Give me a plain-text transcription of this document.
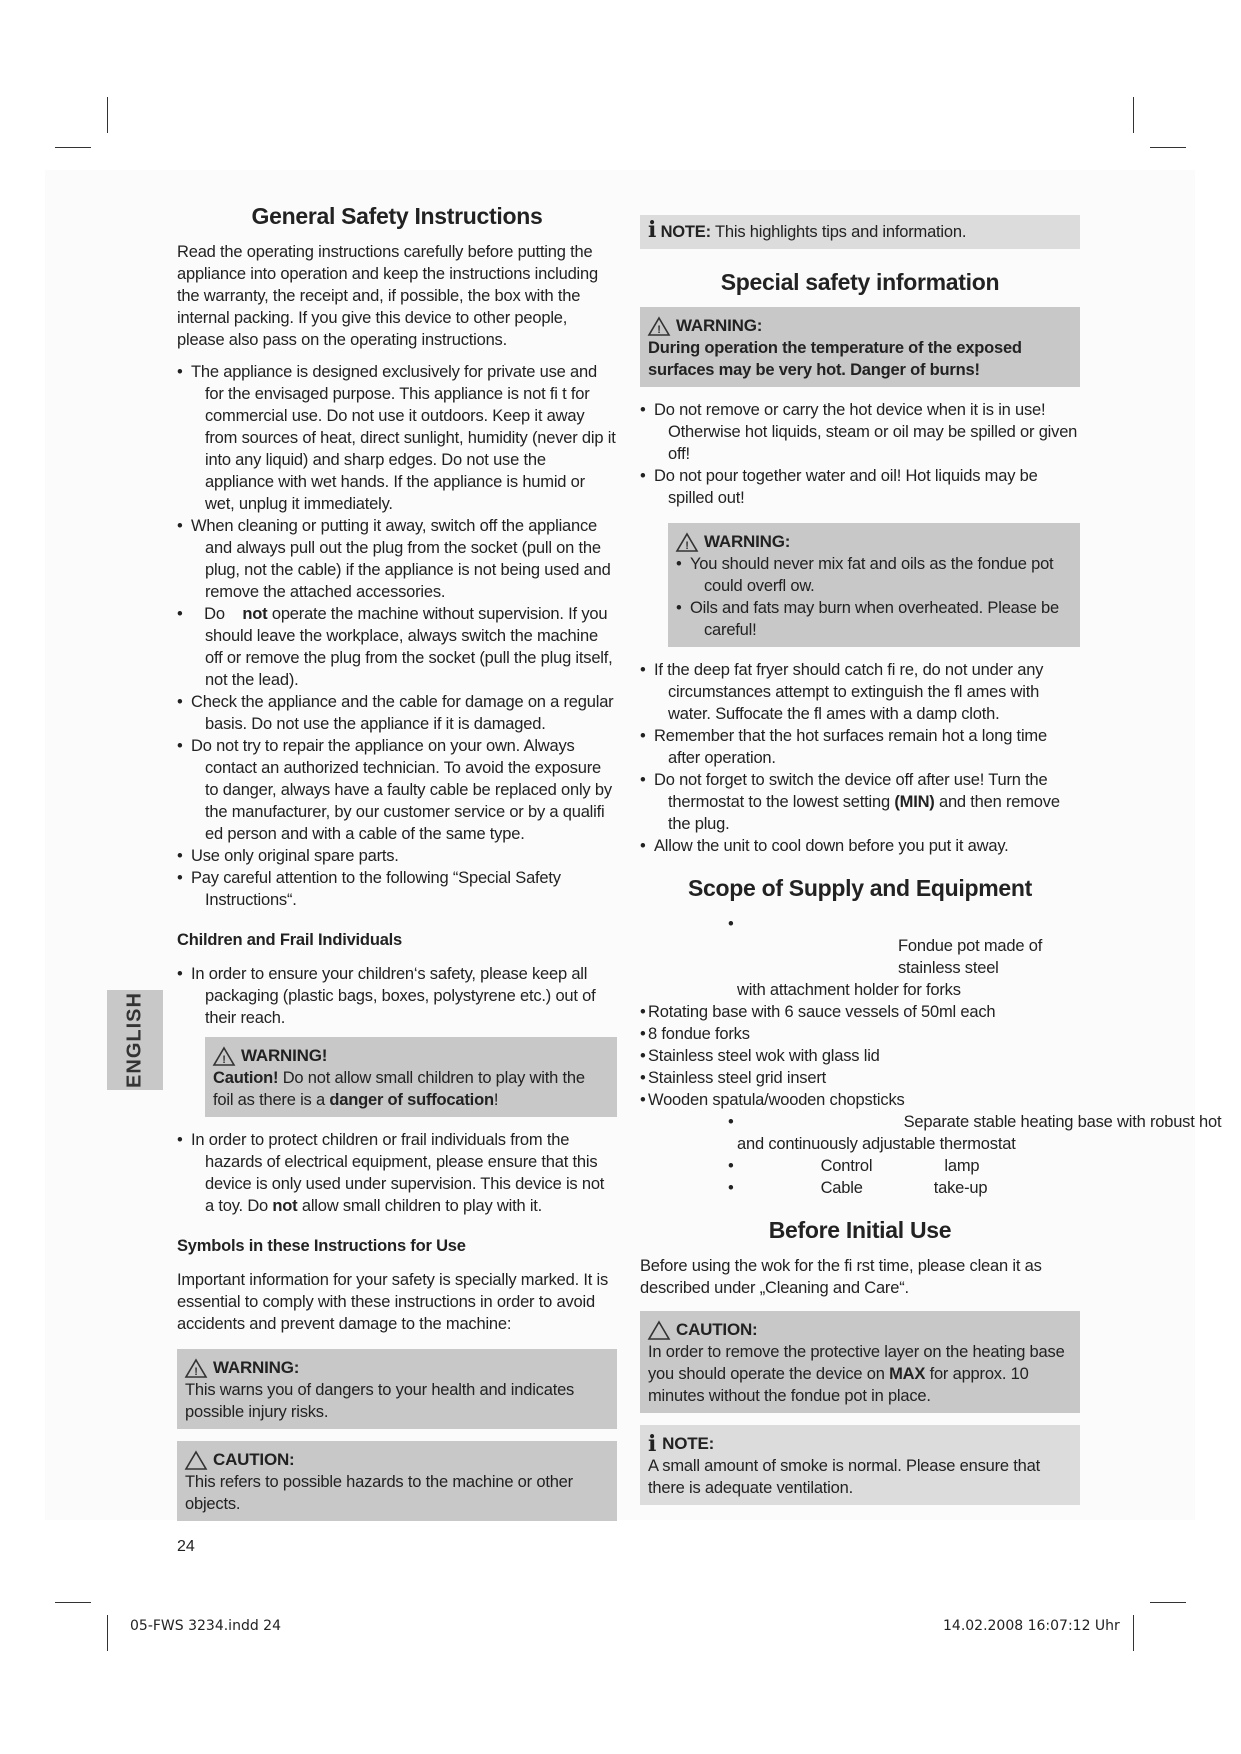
General Safety Instructions

Read the operating instructions carefully before putting the appliance into operation and keep the instructions including the warranty, the receipt and, if possible, the box with the internal packing. If you give this device to other people, please also pass on the operating instructions.

• The appliance is designed exclusively for private use and for the envisaged purpose. This appliance is not fi t for commercial use. Do not use it outdoors. Keep it away from sources of heat, direct sunlight, humidity (never dip it into any liquid) and sharp edges. Do not use the appliance with wet hands. If the appliance is humid or wet, unplug it immediately.
• When cleaning or putting it away, switch off the appliance and always pull out the plug from the socket (pull on the plug, not the cable) if the appliance is not being used and remove the attached accessories.
• Do not operate the machine without supervision. If you should leave the workplace, always switch the machine off or remove the plug from the socket (pull the plug itself, not the lead).
• Check the appliance and the cable for damage on a regular basis. Do not use the appliance if it is damaged.
• Do not try to repair the appliance on your own. Always contact an authorized technician. To avoid the exposure to danger, always have a faulty cable be replaced only by the manufacturer, by our customer service or by a qualifi ed person and with a cable of the same type.
• Use only original spare parts.
• Pay careful attention to the following “Special Safety Instructions“.
Children and Frail Individuals
• In order to ensure your children‘s safety, please keep all packaging (plastic bags, boxes, polystyrene etc.) out of their reach.
! WARNING!
Caution! Do not allow small children to play with the foil as there is a danger of suffocation!
• In order to protect children or frail individuals from the hazards of electrical equipment, please ensure that this device is only used under supervision. This device is not a toy. Do not allow small children to play with it.
Symbols in these Instructions for Use

Important information for your safety is specially marked. It is essential to comply with these instructions in order to avoid accidents and prevent damage to the machine:

! WARNING:
This warns you of dangers to your health and indicates possible injury risks.
CAUTION:
This refers to possible hazards to the machine or other objects.
i NOTE: This highlights tips and information.
Special safety information
! WARNING:
During operation the temperature of the exposed surfaces may be very hot. Danger of burns!
• Do not remove or carry the hot device when it is in use! Otherwise hot liquids, steam or oil may be spilled or given off!
• Do not pour together water and oil! Hot liquids may be spilled out!
! WARNING:
• You should never mix fat and oils as the fondue pot could overfl ow.
• Oils and fats may burn when overheated. Please be careful!
• If the deep fat fryer should catch fi re, do not under any circumstances attempt to extinguish the fl ames with water. Suffocate the fl ames with a damp cloth.
• Remember that the hot surfaces remain hot a long time after operation.
• Do not forget to switch the device off after use! Turn the thermostat to the lowest setting (MIN) and then remove the plug.
• Allow the unit to cool down before you put it away.
Scope of Supply and Equipment
•Fondue pot made of stainless steel
with attachment holder for forks
• Rotating base with 6 sauce vessels of 50ml each
• 8 fondue forks
• Stainless steel wok with glass lid
• Stainless steel grid insert
• Wooden spatula/wooden chopsticks
•	Separate stable heating base with robust hot
and continuously adjustable thermostat
•	Control	lamp
•	Cable	take-up
Before Initial Use

Before using the wok for the fi rst time, please clean it as described under „Cleaning and Care“.

CAUTION:
In order to remove the protective layer on the heating base you should operate the device on MAX for approx. 10 minutes without the fondue pot in place.
i NOTE:
A small amount of smoke is normal. Please ensure that there is adequate ventilation.
ENGLISH
24
05-FWS 3234.indd 24	14.02.2008 16:07:12 Uhr
